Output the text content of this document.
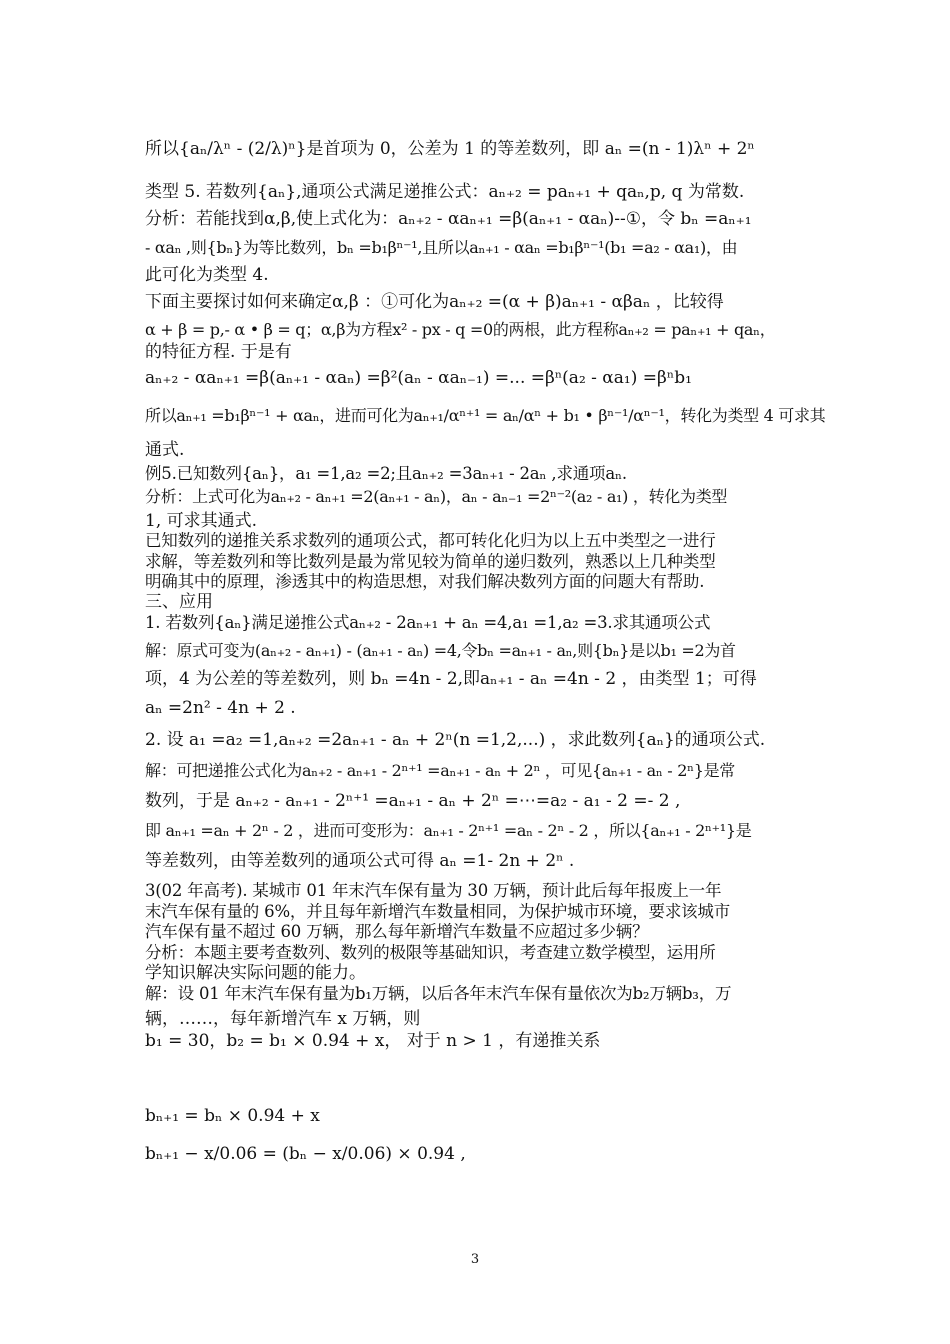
所以{aₙ/λⁿ - (2/λ)ⁿ}是首项为 0，公差为 1 的等差数列，即 aₙ =(n - 1)λⁿ + 2ⁿ
类型 5. 若数列{aₙ},通项公式满足递推公式：aₙ₊₂ = paₙ₊₁ + qaₙ,p, q 为常数.
分析：若能找到α,β,使上式化为：aₙ₊₂ - αaₙ₊₁ =β(aₙ₊₁ - αaₙ)--①，令 bₙ =aₙ₊₁
- αaₙ ,则{bₙ}为等比数列，bₙ =b₁βⁿ⁻¹,且所以aₙ₊₁ - αaₙ =b₁βⁿ⁻¹(b₁ =a₂ - αa₁)，由
此可化为类型 4.
下面主要探讨如何来确定α,β ：①可化为aₙ₊₂ =(α + β)aₙ₊₁ - αβaₙ ，比较得
α + β = p,- α • β = q；α,β为方程x² - px - q =0的两根，此方程称aₙ₊₂ = paₙ₊₁ + qaₙ，
的特征方程. 于是有
aₙ₊₂ - αaₙ₊₁ =β(aₙ₊₁ - αaₙ) =β²(aₙ - αaₙ₋₁) =... =βⁿ(a₂ - αa₁) =βⁿb₁
所以aₙ₊₁ =b₁βⁿ⁻¹ + αaₙ，进而可化为aₙ₊₁/αⁿ⁺¹ = aₙ/αⁿ + b₁ • βⁿ⁻¹/αⁿ⁻¹，转化为类型 4 可求其
通式.
例5.已知数列{aₙ}，a₁ =1,a₂ =2;且aₙ₊₂ =3aₙ₊₁ - 2aₙ ,求通项aₙ.
分析：上式可化为aₙ₊₂ - aₙ₊₁ =2(aₙ₊₁ - aₙ)，aₙ - aₙ₋₁ =2ⁿ⁻²(a₂ - a₁) ，转化为类型
1, 可求其通式.
已知数列的递推关系求数列的通项公式，都可转化化归为以上五中类型之一进行
求解，等差数列和等比数列是最为常见较为简单的递归数列，熟悉以上几种类型
明确其中的原理，渗透其中的构造思想，对我们解决数列方面的问题大有帮助.
三、应用
1. 若数列{aₙ}满足递推公式aₙ₊₂ - 2aₙ₊₁ + aₙ =4,a₁ =1,a₂ =3.求其通项公式
解：原式可变为(aₙ₊₂ - aₙ₊₁) - (aₙ₊₁ - aₙ) =4,令bₙ =aₙ₊₁ - aₙ,则{bₙ}是以b₁ =2为首
项，4 为公差的等差数列，则 bₙ =4n - 2,即aₙ₊₁ - aₙ =4n - 2 ，由类型 1；可得
aₙ =2n² - 4n + 2 .
2. 设 a₁ =a₂ =1,aₙ₊₂ =2aₙ₊₁ - aₙ + 2ⁿ(n =1,2,...) ，求此数列{aₙ}的通项公式.
解：可把递推公式化为aₙ₊₂ - aₙ₊₁ - 2ⁿ⁺¹ =aₙ₊₁ - aₙ + 2ⁿ ，可见{aₙ₊₁ - aₙ - 2ⁿ}是常
数列，于是 aₙ₊₂ - aₙ₊₁ - 2ⁿ⁺¹ =aₙ₊₁ - aₙ + 2ⁿ =⋯=a₂ - a₁ - 2 =- 2 ,
即 aₙ₊₁ =aₙ + 2ⁿ - 2 ，进而可变形为：aₙ₊₁ - 2ⁿ⁺¹ =aₙ - 2ⁿ - 2 ，所以{aₙ₊₁ - 2ⁿ⁺¹}是
等差数列，由等差数列的通项公式可得 aₙ =1- 2n + 2ⁿ .
3(02 年高考). 某城市 01 年末汽车保有量为 30 万辆，预计此后每年报废上一年
末汽车保有量的 6%，并且每年新增汽车数量相同，为保护城市环境，要求该城市
汽车保有量不超过 60 万辆，那么每年新增汽车数量不应超过多少辆？
分析：本题主要考查数列、数列的极限等基础知识，考查建立数学模型，运用所
学知识解决实际问题的能力。
解：设 01 年末汽车保有量为b₁万辆，以后各年末汽车保有量依次为b₂万辆b₃，万
辆，……，每年新增汽车 x 万辆，则
b₁ = 30，b₂ = b₁ × 0.94 + x， 对于 n > 1 ，有递推关系
bₙ₊₁ = bₙ × 0.94 + x
bₙ₊₁ − x/0.06 = (bₙ − x/0.06) × 0.94 ,
3
